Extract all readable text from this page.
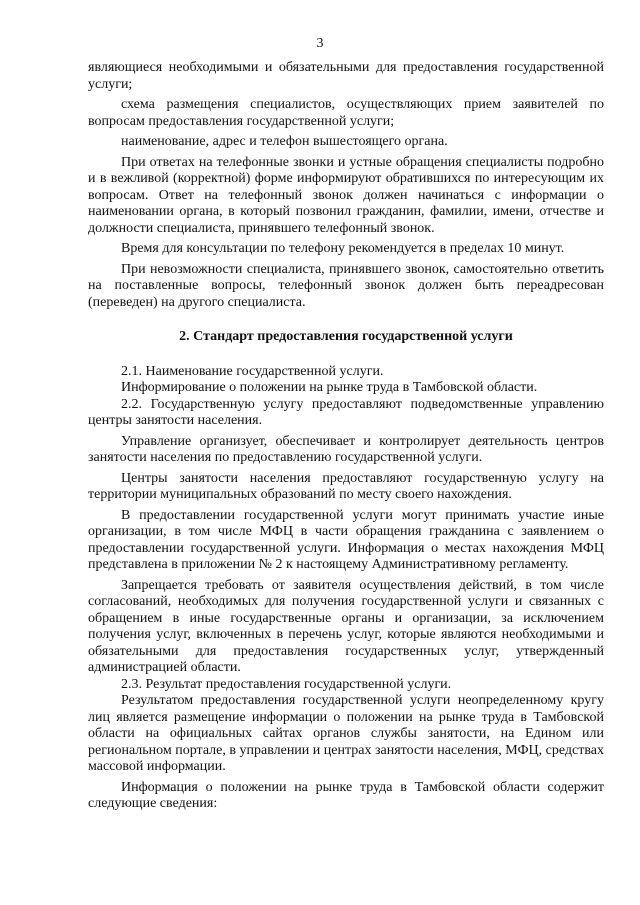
3

являющиеся необходимыми и обязательными для предоставления государственной услуги;

схема размещения специалистов, осуществляющих прием заявителей по вопросам предоставления государственной услуги;

наименование, адрес и телефон вышестоящего органа.

При ответах на телефонные звонки и устные обращения специалисты подробно и в вежливой (корректной) форме информируют обратившихся по интересующим их вопросам. Ответ на телефонный звонок должен начинаться с информации о наименовании органа, в который позвонил гражданин, фамилии, имени, отчестве и должности специалиста, принявшего телефонный звонок.

Время для консультации по телефону рекомендуется в пределах 10 минут.

При невозможности специалиста, принявшего звонок, самостоятельно ответить на поставленные вопросы, телефонный звонок должен быть переадресован (переведен) на другого специалиста.

2. Стандарт предоставления государственной услуги

2.1. Наименование государственной услуги.

Информирование о положении на рынке труда в Тамбовской области.

2.2. Государственную услугу предоставляют подведомственные управлению центры занятости населения.

Управление организует, обеспечивает и контролирует деятельность центров занятости населения по предоставлению государственной услуги.

Центры занятости населения предоставляют государственную услугу на территории муниципальных образований по месту своего нахождения.

В предоставлении государственной услуги могут принимать участие иные организации, в том числе МФЦ в части обращения гражданина с заявлением о предоставлении государственной услуги. Информация о местах нахождения МФЦ представлена в приложении № 2 к настоящему Административному регламенту.

Запрещается требовать от заявителя осуществления действий, в том числе согласований, необходимых для получения государственной услуги и связанных с обращением в иные государственные органы и организации, за исключением получения услуг, включенных в перечень услуг, которые являются необходимыми и обязательными для предоставления государственных услуг, утвержденный администрацией области.

2.3. Результат предоставления государственной услуги.

Результатом предоставления государственной услуги неопределенному кругу лиц является размещение информации о положении на рынке труда в Тамбовской области на официальных сайтах органов службы занятости, на Едином или региональном портале, в управлении и центрах занятости населения, МФЦ, средствах массовой информации.

Информация о положении на рынке труда в Тамбовской области содержит следующие сведения:
